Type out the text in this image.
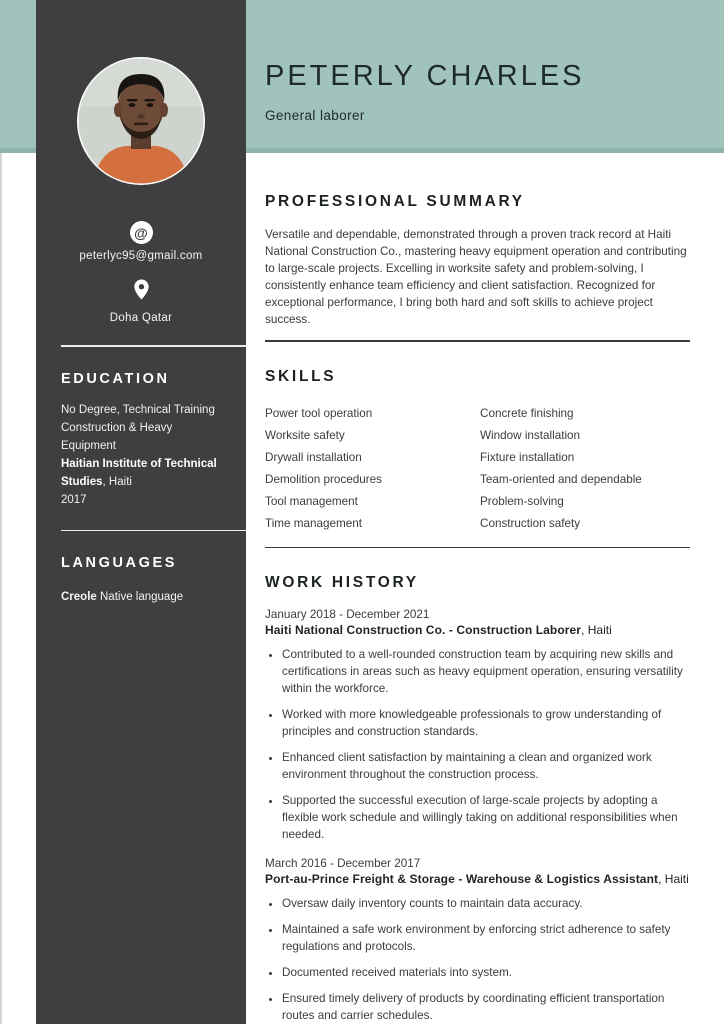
@
peterlyc95@gmail.com
Doha Qatar
EDUCATION

No Degree, Technical Training Construction & Heavy Equipment

Haitian Institute of Technical Studies, Haiti

2017

LANGUAGES

Creole Native language

PETERLY CHARLES
General laborer
PROFESSIONAL SUMMARY

Versatile and dependable, demonstrated through a proven track record at Haiti National Construction Co., mastering heavy equipment operation and contributing to large-scale projects. Excelling in worksite safety and problem-solving, I consistently enhance team efficiency and client satisfaction. Recognized for exceptional performance, I bring both hard and soft skills to achieve project success.

SKILLS
Power tool operation
Worksite safety
Drywall installation
Demolition procedures
Tool management
Time management
Concrete finishing
Window installation
Fixture installation
Team-oriented and dependable
Problem-solving
Construction safety
WORK HISTORY
January 2018 - December 2021
Haiti National Construction Co. - Construction Laborer, Haiti
• Contributed to a well-rounded construction team by acquiring new skills and certifications in areas such as heavy equipment operation, ensuring versatility within the workforce.
• Worked with more knowledgeable professionals to grow understanding of principles and construction standards.
• Enhanced client satisfaction by maintaining a clean and organized work environment throughout the construction process.
• Supported the successful execution of large-scale projects by adopting a flexible work schedule and willingly taking on additional responsibilities when needed.
March 2016 - December 2017
Port-au-Prince Freight & Storage - Warehouse & Logistics Assistant, Haiti
• Oversaw daily inventory counts to maintain data accuracy.
• Maintained a safe work environment by enforcing strict adherence to safety regulations and protocols.
• Documented received materials into system.
• Ensured timely delivery of products by coordinating efficient transportation routes and carrier schedules.
